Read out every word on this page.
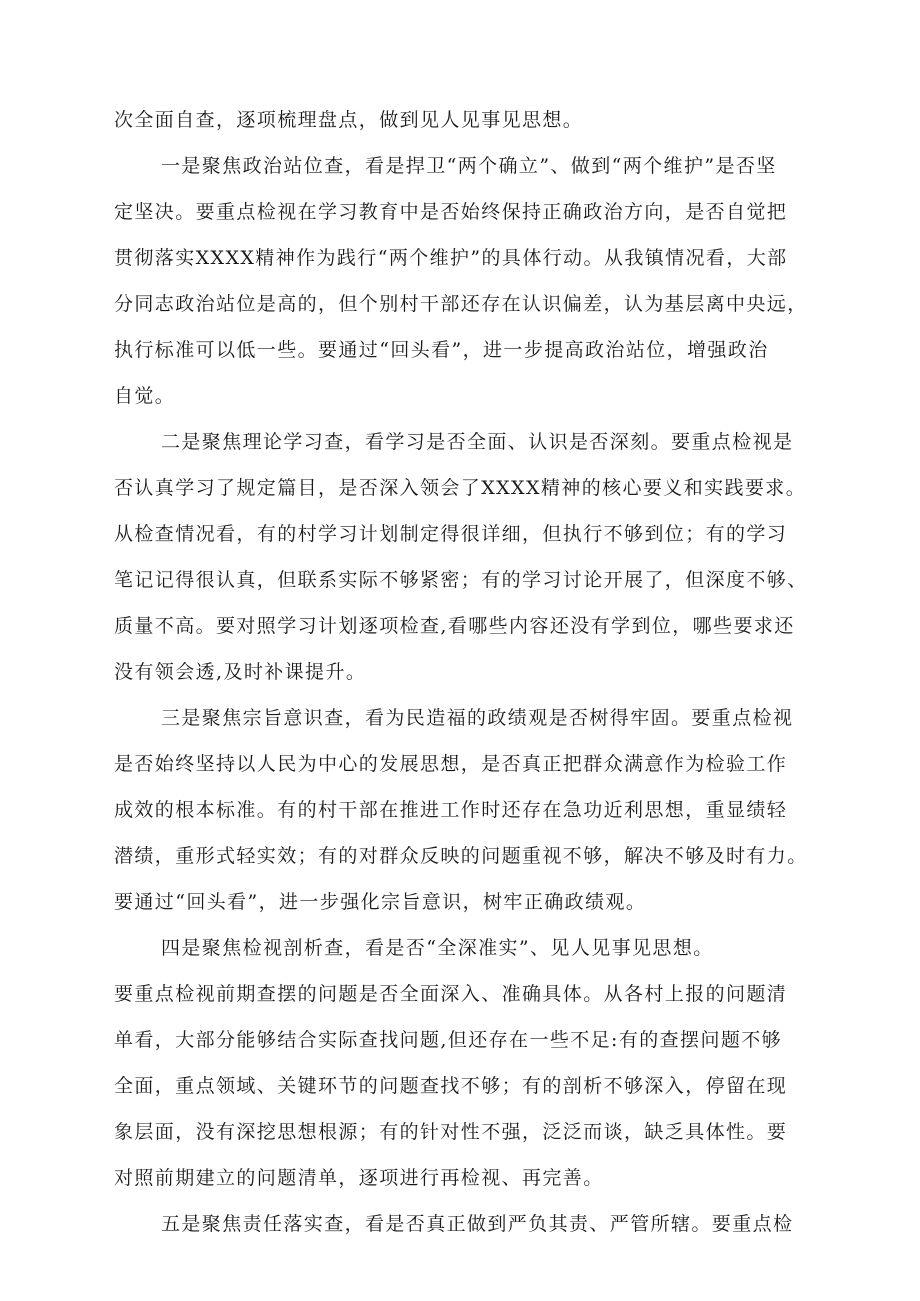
次全面自查，逐项梳理盘点，做到见人见事见思想。
一是聚焦政治站位查，看是捍卫“两个确立”、做到“两个维护”是否坚
定坚决。要重点检视在学习教育中是否始终保持正确政治方向，是否自觉把
贯彻落实XXXX精神作为践行“两个维护”的具体行动。从我镇情况看，大部
分同志政治站位是高的，但个别村干部还存在认识偏差，认为基层离中央远，
执行标准可以低一些。要通过“回头看”，进一步提高政治站位，增强政治
自觉。
二是聚焦理论学习查，看学习是否全面、认识是否深刻。要重点检视是
否认真学习了规定篇目，是否深入领会了XXXX精神的核心要义和实践要求。
从检查情况看，有的村学习计划制定得很详细，但执行不够到位；有的学习
笔记记得很认真，但联系实际不够紧密；有的学习讨论开展了，但深度不够、
质量不高。要对照学习计划逐项检查,看哪些内容还没有学到位，哪些要求还
没有领会透,及时补课提升。
三是聚焦宗旨意识查，看为民造福的政绩观是否树得牢固。要重点检视
是否始终坚持以人民为中心的发展思想，是否真正把群众满意作为检验工作
成效的根本标准。有的村干部在推进工作时还存在急功近利思想，重显绩轻
潜绩，重形式轻实效；有的对群众反映的问题重视不够，解决不够及时有力。
要通过“回头看”，进一步强化宗旨意识，树牢正确政绩观。
四是聚焦检视剖析查，看是否“全深准实”、见人见事见思想。
要重点检视前期查摆的问题是否全面深入、准确具体。从各村上报的问题清
单看，大部分能够结合实际查找问题,但还存在一些不足:有的查摆问题不够
全面，重点领域、关键环节的问题查找不够；有的剖析不够深入，停留在现
象层面，没有深挖思想根源；有的针对性不强，泛泛而谈，缺乏具体性。要
对照前期建立的问题清单，逐项进行再检视、再完善。
五是聚焦责任落实查，看是否真正做到严负其责、严管所辖。要重点检
